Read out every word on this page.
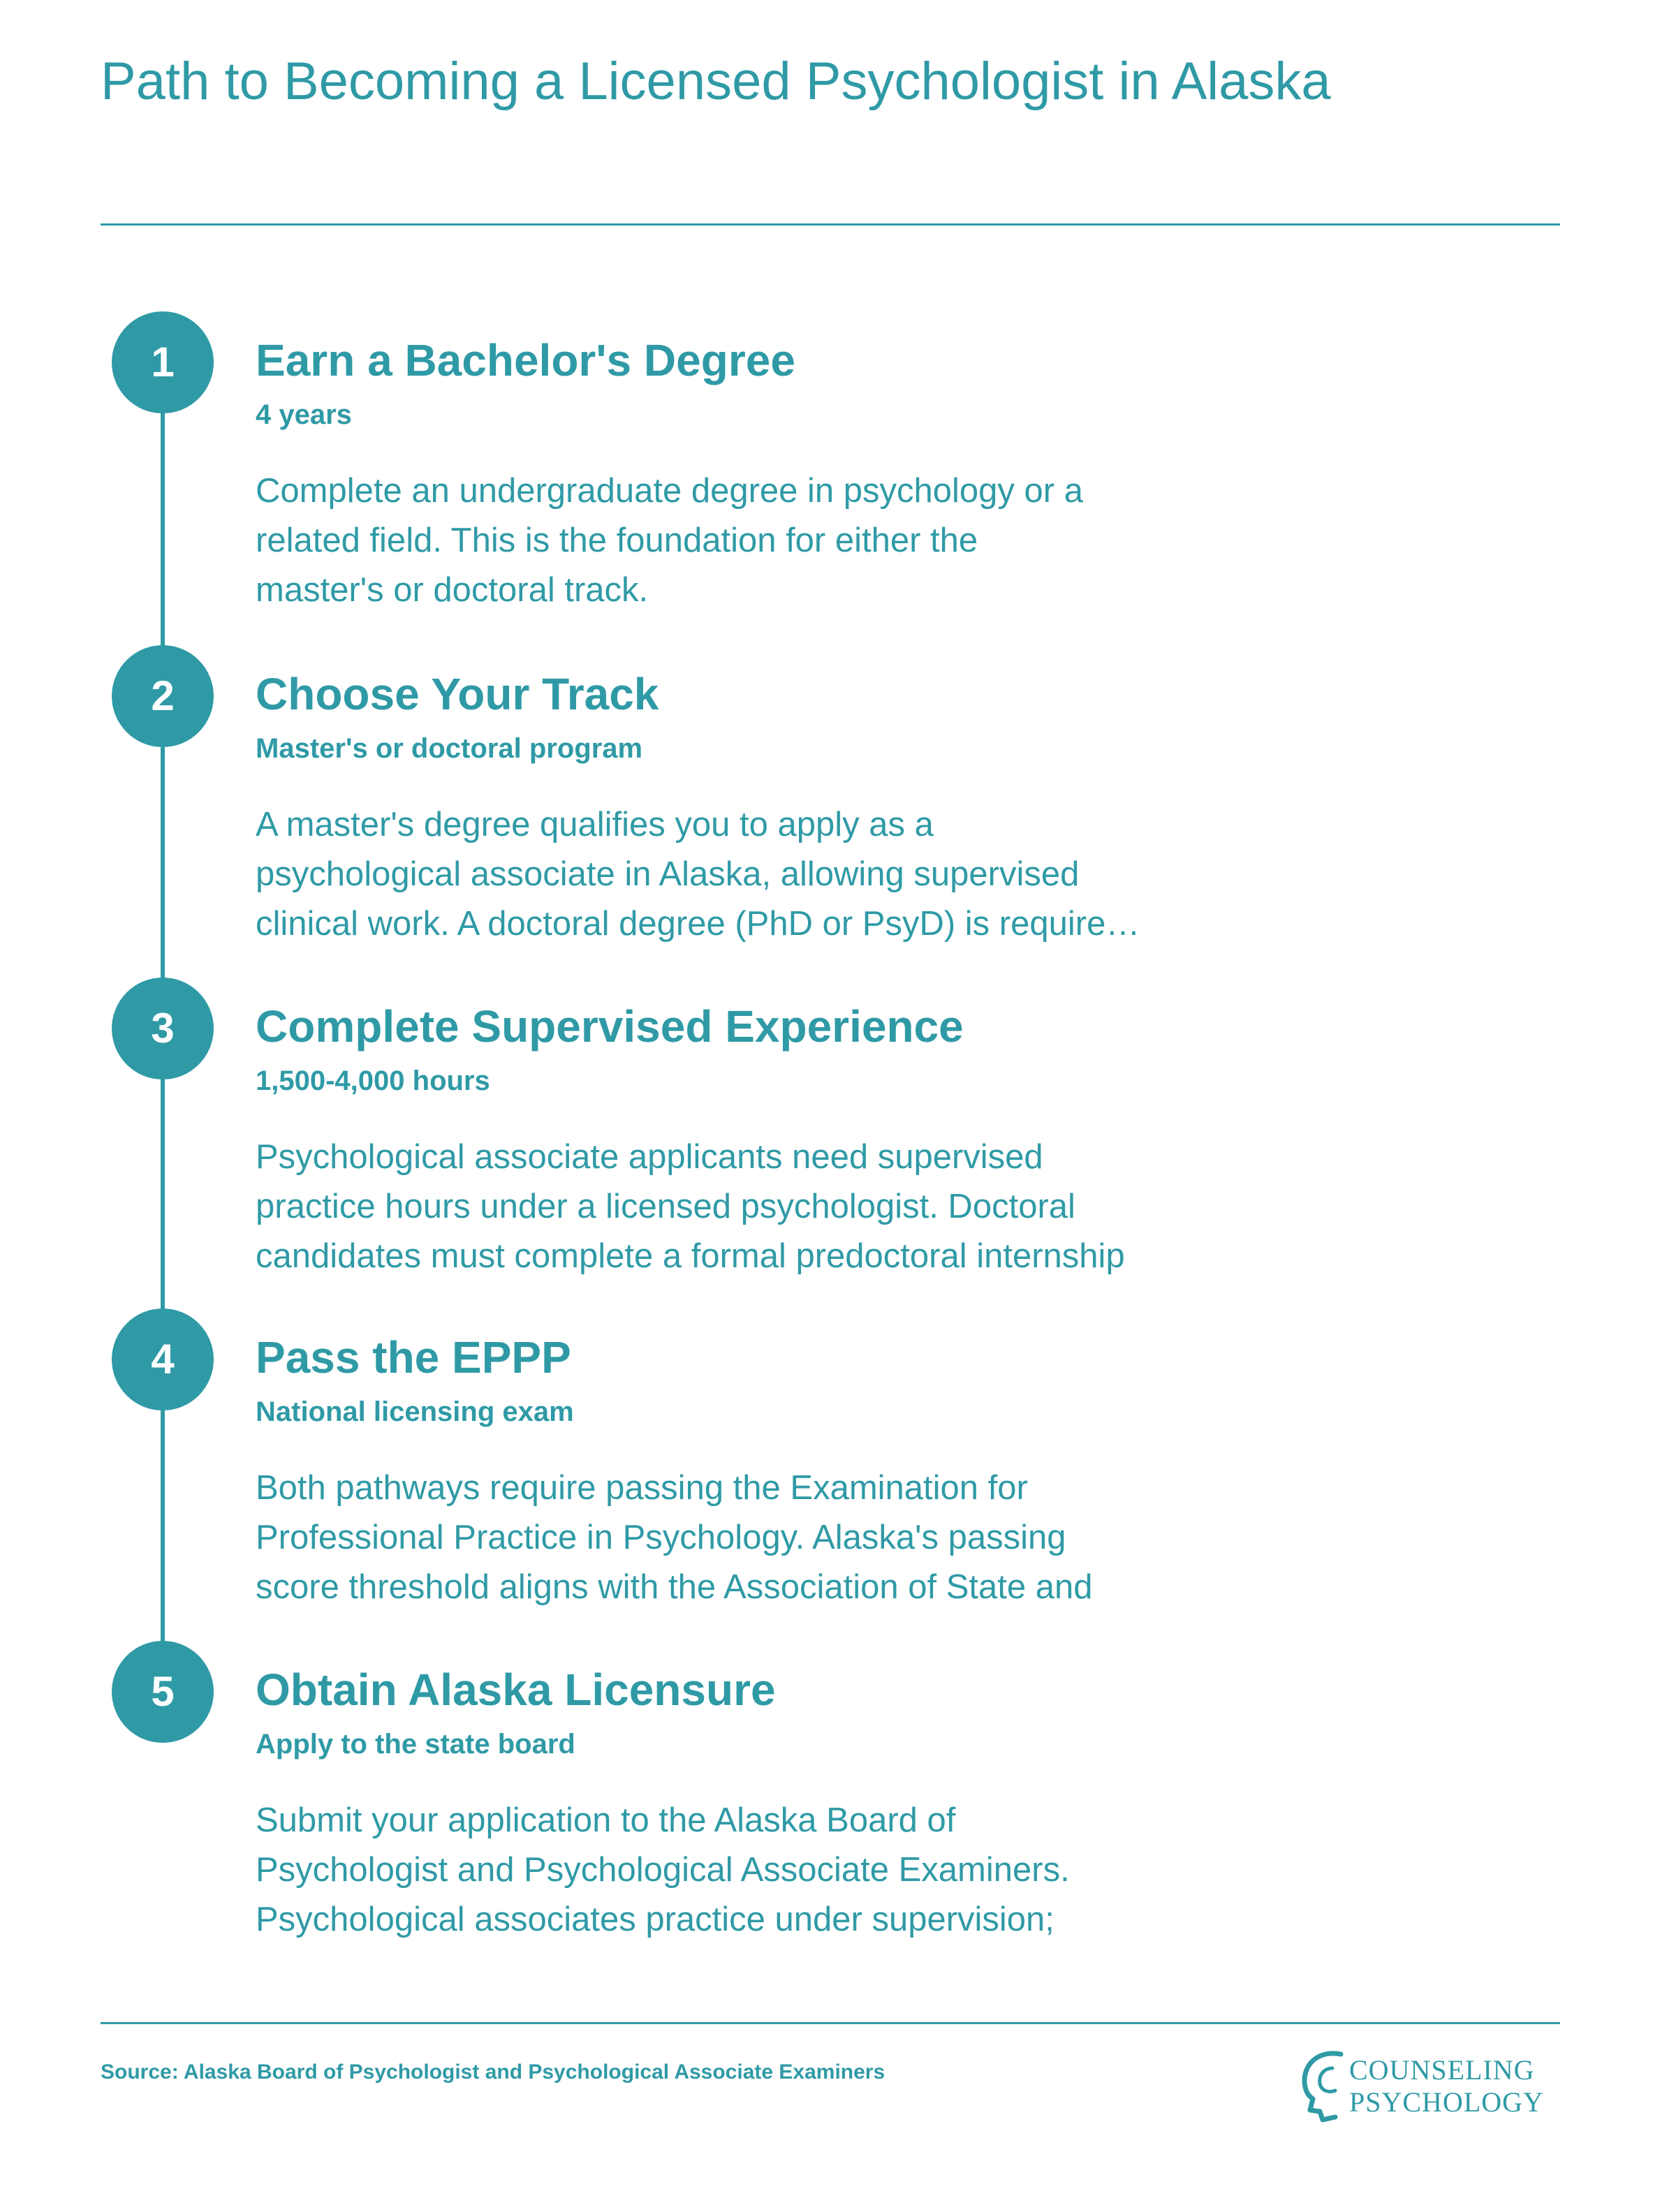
Path to Becoming a Licensed Psychologist in Alaska
1	Earn a Bachelor's Degree
4 years
Complete an undergraduate degree in psychology or a
related field. This is the foundation for either the
master's or doctoral track.
2	Choose Your Track
Master's or doctoral program
A master's degree qualifies you to apply as a
psychological associate in Alaska, allowing supervised
clinical work. A doctoral degree (PhD or PsyD) is require…
3	Complete Supervised Experience
1,500-4,000 hours
Psychological associate applicants need supervised
practice hours under a licensed psychologist. Doctoral
candidates must complete a formal predoctoral internship
4	Pass the EPPP
National licensing exam
Both pathways require passing the Examination for
Professional Practice in Psychology. Alaska's passing
score threshold aligns with the Association of State and
5	Obtain Alaska Licensure
Apply to the state board
Submit your application to the Alaska Board of
Psychologist and Psychological Associate Examiners.
Psychological associates practice under supervision;
Source: Alaska Board of Psychologist and Psychological Associate Examiners	COUNSELING
PSYCHOLOGY
